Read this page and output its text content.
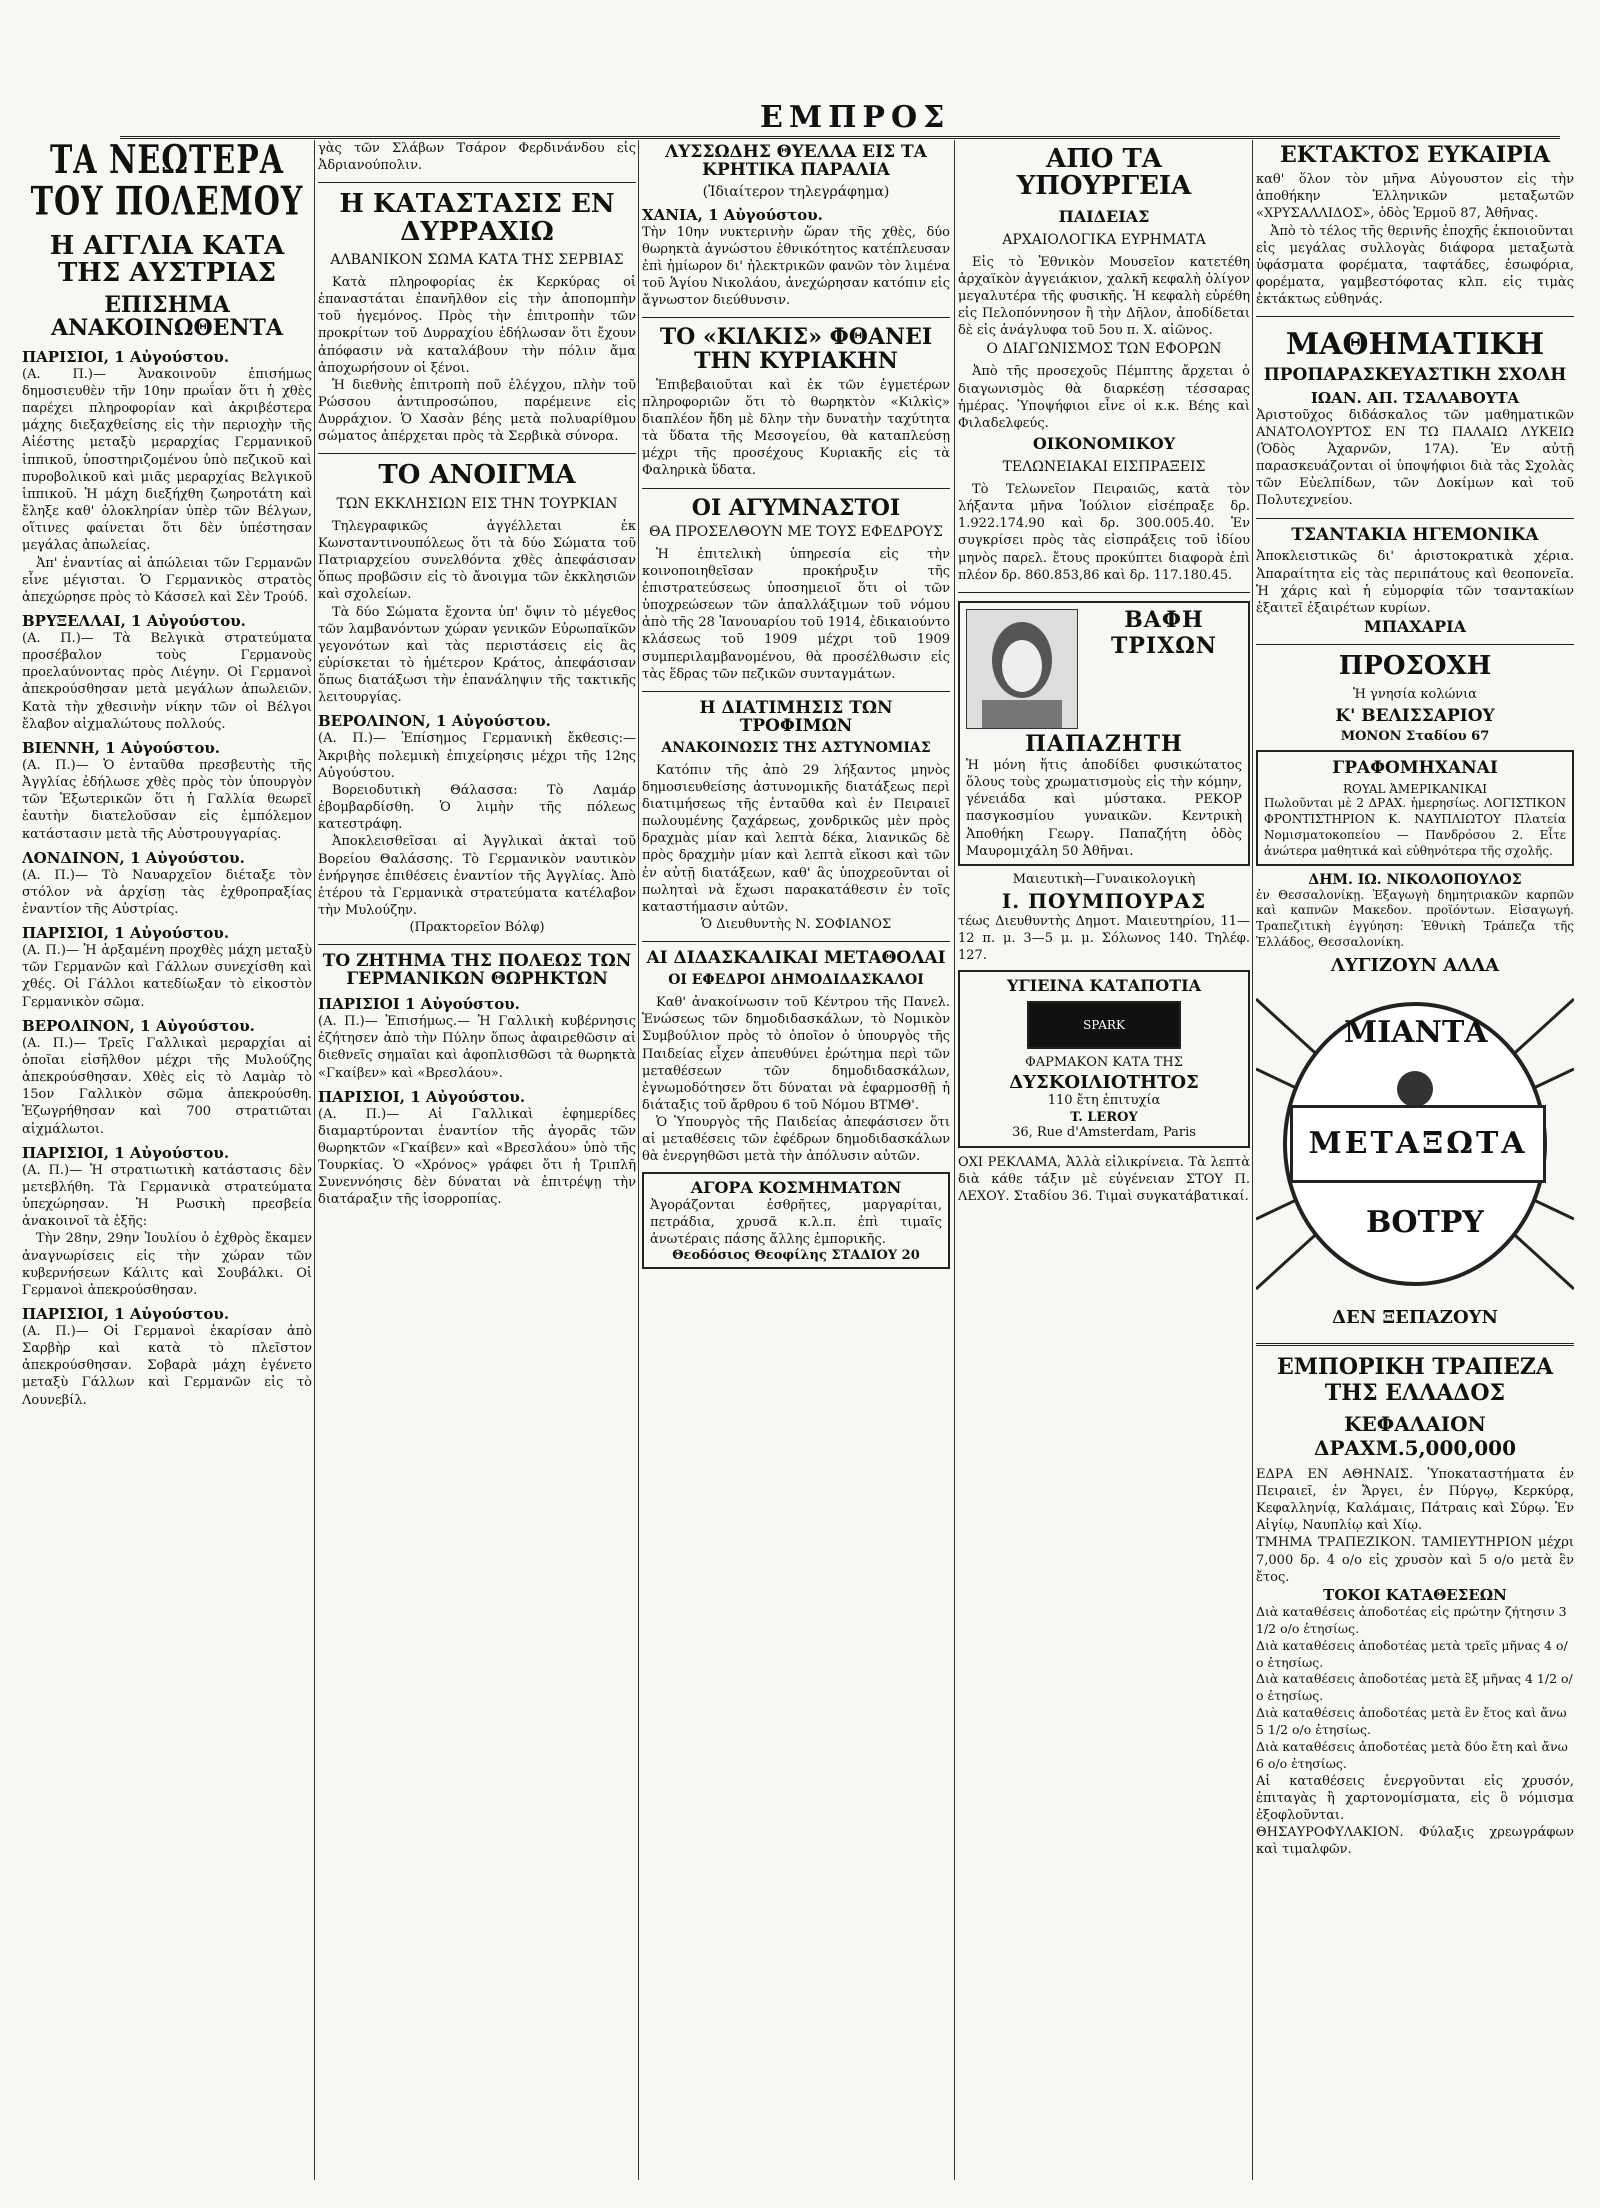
ΕΜΠΡΟΣ
ΤΑ ΝΕΩΤΕΡΑ ΤΟΥ ΠΟΛΕΜΟΥ
Η ΑΓΓΛΙΑ ΚΑΤΑ ΤΗΣ ΑΥΣΤΡΙΑΣ
ΕΠΙΣΗΜΑ ΑΝΑΚΟΙΝΩΘΕΝΤΑ
ΠΑΡΙΣΙΟΙ, 1 Αὐγούστου.

(Α. Π.)— Ἀνακοινοῦν ἐπισήμως δημοσιευθὲν τῆν 10ην πρωΐαν ὅτι ἡ χθὲς παρέχει πληροφορίαν καὶ ἀκριβέστερα μάχης διεξαχθείσης εἰς τὴν περιοχὴν τῆς Αἰέστης μεταξὺ μεραρχίας Γερμανικοῦ ἱππικοῦ, ὑποστηριζομένου ὑπὸ πεζικοῦ καὶ πυροβολικοῦ καὶ μιᾶς μεραρχίας Βελγικοῦ ἱππικοῦ. Ἡ μάχη διεξήχθη ζωηροτάτη καὶ ἔληξε καθ' ὁλοκληρίαν ὑπὲρ τῶν Βέλγων, οἵτινες φαίνεται ὅτι δὲν ὑπέστησαν μεγάλας ἀπωλείας.

Ἀπ' ἐναντίας αἱ ἀπώλειαι τῶν Γερμανῶν εἶνε μέγισται. Ὁ Γερμανικὸς στρατὸς ἀπεχώρησε πρὸς τὸ Κάσσελ καὶ Σὲν Τρούδ.

ΒΡΥΞΕΛΛΑΙ, 1 Αὐγούστου.

(Α. Π.)— Τὰ Βελγικὰ στρατεύματα προσέβαλον τοὺς Γερμανοὺς προελαύνοντας πρὸς Λιέγην. Οἱ Γερμανοὶ ἀπεκρούσθησαν μετὰ μεγάλων ἀπωλειῶν. Κατὰ τὴν χθεσινὴν νίκην τῶν οἱ Βέλγοι ἔλαβον αἰχμαλώτους πολλούς.

ΒΙΕΝΝΗ, 1 Αὐγούστου.

(Α. Π.)— Ὁ ἐνταῦθα πρεσβευτὴς τῆς Ἀγγλίας ἐδήλωσε χθὲς πρὸς τὸν ὑπουργὸν τῶν Ἐξωτερικῶν ὅτι ἡ Γαλλία θεωρεῖ ἑαυτὴν διατελοῦσαν εἰς ἐμπόλεμον κατάστασιν μετὰ τῆς Αὐστρουγγαρίας.

ΛΟΝΔΙΝΟΝ, 1 Αὐγούστου.

(Α. Π.)— Τὸ Ναυαρχεῖον διέταξε τὸν στόλον νὰ ἀρχίσῃ τὰς ἐχθροπραξίας ἐναντίον τῆς Αὐστρίας.

ΠΑΡΙΣΙΟΙ, 1 Αὐγούστου.

(Α. Π.)— Ἡ ἀρξαμένη προχθὲς μάχη μεταξὺ τῶν Γερμανῶν καὶ Γάλλων συνεχίσθη καὶ χθές. Οἱ Γάλλοι κατεδίωξαν τὸ εἰκοστὸν Γερμανικὸν σῶμα.

ΒΕΡΟΛΙΝΟΝ, 1 Αὐγούστου.

(Α. Π.)— Τρεῖς Γαλλικαὶ μεραρχίαι αἱ ὁποῖαι εἰσῆλθον μέχρι τῆς Μυλούζης ἀπεκρούσθησαν. Χθὲς εἰς τὸ Λαμὰρ τὸ 15ον Γαλλικὸν σῶμα ἀπεκρούσθη. Ἐζωγρήθησαν καὶ 700 στρατιῶται αἰχμάλωτοι.

ΠΑΡΙΣΙΟΙ, 1 Αὐγούστου.

(Α. Π.)— Ἡ στρατιωτικὴ κατάστασις δὲν μετεβλήθη. Τὰ Γερμανικὰ στρατεύματα ὑπεχώρησαν. Ἡ Ρωσικὴ πρεσβεία ἀνακοινοῖ τὰ ἑξῆς:

Τὴν 28ην, 29ην Ἰουλίου ὁ ἐχθρὸς ἔκαμεν ἀναγνωρίσεις εἰς τὴν χώραν τῶν κυβερνήσεων Κάλιτς καὶ Σουβάλκι. Οἱ Γερμανοὶ ἀπεκρούσθησαν.

ΠΑΡΙΣΙΟΙ, 1 Αὐγούστου.

(Α. Π.)— Οἱ Γερμανοὶ ἐκαρίσαν ἀπὸ Σαρβὴρ καὶ κατὰ τὸ πλεῖστον ἀπεκρούσθησαν. Σοβαρὰ μάχη ἐγένετο μεταξὺ Γάλλων καὶ Γερμανῶν εἰς τὸ Λουνεβίλ.

γὰς τῶν Σλάβων Τσάρον Φερδινάνδου εἰς Ἀδριανούπολιν.

Η ΚΑΤΑΣΤΑΣΙΣ ΕΝ ΔΥΡΡΑΧΙΩ
ΑΛΒΑΝΙΚΟΝ ΣΩΜΑ ΚΑΤΑ ΤΗΣ ΣΕΡΒΙΑΣ

Κατὰ πληροφορίας ἐκ Κερκύρας οἱ ἐπαναστάται ἐπανῆλθον εἰς τὴν ἀποπομπὴν τοῦ ἡγεμόνος. Πρὸς τὴν ἐπιτροπὴν τῶν προκρίτων τοῦ Δυρραχίου ἐδήλωσαν ὅτι ἔχουν ἀπόφασιν νὰ καταλάβουν τὴν πόλιν ἄμα ἀποχωρήσουν οἱ ξένοι.

Ἡ διεθνὴς ἐπιτροπὴ ποῦ ἐλέγχου, πλὴν τοῦ Ρώσσου ἀντιπροσώπου, παρέμεινε εἰς Δυρράχιον. Ὁ Χασὰν βέης μετὰ πολυαρίθμου σώματος ἀπέρχεται πρὸς τὰ Σερβικὰ σύνορα.

ΤΟ ΑΝΟΙΓΜΑ
ΤΩΝ ΕΚΚΛΗΣΙΩΝ ΕΙΣ ΤΗΝ ΤΟΥΡΚΙΑΝ

Τηλεγραφικῶς ἀγγέλλεται ἐκ Κωνσταντινουπόλεως ὅτι τὰ δύο Σώματα τοῦ Πατριαρχείου συνελθόντα χθὲς ἀπεφάσισαν ὅπως προβῶσιν εἰς τὸ ἄνοιγμα τῶν ἐκκλησιῶν καὶ σχολείων.

Τὰ δύο Σώματα ἔχοντα ὑπ' ὄψιν τὸ μέγεθος τῶν λαμβανόντων χώραν γενικῶν Εὐρωπαϊκῶν γεγονότων καὶ τὰς περιστάσεις εἰς ἃς εὑρίσκεται τὸ ἡμέτερον Κράτος, ἀπεφάσισαν ὅπως διατάξωσι τὴν ἐπανάληψιν τῆς τακτικῆς λειτουργίας.

ΒΕΡΟΛΙΝΟΝ, 1 Αὐγούστου.

(Α. Π.)— Ἐπίσημος Γερμανικὴ ἔκθεσις:— Ἀκριβὴς πολεμικὴ ἐπιχείρησις μέχρι τῆς 12ης Αὐγούστου.

Βορειοδυτικὴ Θάλασσα: Τὸ Λαμάρ ἐβομβαρδίσθη. Ὁ λιμὴν τῆς πόλεως κατεστράφη.

Ἀποκλεισθεῖσαι αἱ Ἀγγλικαὶ ἀκταὶ τοῦ Βορείου Θαλάσσης. Τὸ Γερμανικὸν ναυτικὸν ἐνήργησε ἐπιθέσεις ἐναντίον τῆς Ἀγγλίας. Ἀπὸ ἑτέρου τὰ Γερμανικὰ στρατεύματα κατέλαβον τὴν Μυλούζην.

(Πρακτορεῖον Βόλφ)
ΤΟ ΖΗΤΗΜΑ ΤΗΣ ΠΟΛΕΩΣ ΤΩΝ ΓΕΡΜΑΝΙΚΩΝ ΘΩΡΗΚΤΩΝ
ΠΑΡΙΣΙΟΙ 1 Αὐγούστου.

(Α. Π.)— Ἐπισήμως.— Ἡ Γαλλικὴ κυβέρνησις ἐζήτησεν ἀπὸ τὴν Πύλην ὅπως ἀφαιρεθῶσιν αἱ διεθνεῖς σημαῖαι καὶ ἀφοπλισθῶσι τὰ θωρηκτὰ «Γκαίβεν» καὶ «Βρεσλάου».

ΠΑΡΙΣΙΟΙ, 1 Αὐγούστου.

(Α. Π.)— Αἱ Γαλλικαὶ ἐφημερίδες διαμαρτύρονται ἐναντίον τῆς ἀγορᾶς τῶν θωρηκτῶν «Γκαίβεν» καὶ «Βρεσλάου» ὑπὸ τῆς Τουρκίας. Ὁ «Χρόνος» γράφει ὅτι ἡ Τριπλῆ Συνεννόησις δὲν δύναται νὰ ἐπιτρέψῃ τὴν διατάραξιν τῆς ἰσορροπίας.

ΛΥΣΣΩΔΗΣ ΘΥΕΛΛΑ ΕΙΣ ΤΑ ΚΡΗΤΙΚΑ ΠΑΡΑΛΙΑ
(Ἰδιαίτερον τηλεγράφημα)
ΧΑΝΙΑ, 1 Αὐγούστου.

Τὴν 10ην νυκτερινὴν ὥραν τῆς χθὲς, δύο θωρηκτὰ ἀγνώστου ἐθνικότητος κατέπλευσαν ἐπὶ ἡμίωρον δι' ἠλεκτρικῶν φανῶν τὸν λιμένα τοῦ Ἁγίου Νικολάου, ἀνεχώρησαν κατόπιν εἰς ἄγνωστον διεύθυνσιν.

ΤΟ «ΚΙΛΚΙΣ» ΦΘΑΝΕΙ ΤΗΝ ΚΥΡΙΑΚΗΝ

Ἐπιβεβαιοῦται καὶ ἐκ τῶν ἐγμετέρων πληροφοριῶν ὅτι τὸ θωρηκτὸν «Κιλκὶς» διαπλέον ἤδη μὲ δλην τὴν δυνατὴν ταχύτητα τὰ ὕδατα τῆς Μεσογείου, θὰ καταπλεύσῃ μέχρι τῆς προσέχους Κυριακῆς εἰς τὰ Φαληρικὰ ὕδατα.

ΟΙ ΑΓΥΜΝΑΣΤΟΙ
ΘΑ ΠΡΟΣΕΛΘΟΥΝ ΜΕ ΤΟΥΣ ΕΦΕΔΡΟΥΣ

Ἡ ἐπιτελικὴ ὑπηρεσία εἰς τὴν κοινοποιηθεῖσαν προκήρυξιν τῆς ἐπιστρατεύσεως ὑποσημειοῖ ὅτι οἱ τῶν ὑποχρεώσεων τῶν ἀπαλλάξιμων τοῦ νόμου ἀπὸ τῆς 28 Ἰανουαρίου τοῦ 1914, ἐδικαιούντο κλάσεως τοῦ 1909 μέχρι τοῦ 1909 συμπεριλαμβανομένου, θὰ προσέλθωσιν εἰς τὰς ἕδρας τῶν πεζικῶν συνταγμάτων.

Η ΔΙΑΤΙΜΗΣΙΣ ΤΩΝ ΤΡΟΦΙΜΩΝ
ΑΝΑΚΟΙΝΩΣΙΣ ΤΗΣ ΑΣΤΥΝΟΜΙΑΣ

Κατόπιν τῆς ἀπὸ 29 λήξαντος μηνὸς δημοσιευθείσης ἀστυνομικῆς διατάξεως περὶ διατιμήσεως τῆς ἐνταῦθα καὶ ἐν Πειραιεῖ πωλουμένης ζαχάρεως, χονδρικῶς μὲν πρὸς δραχμὰς μίαν καὶ λεπτὰ δέκα, λιανικῶς δὲ πρὸς δραχμὴν μίαν καὶ λεπτὰ εἴκοσι καὶ τῶν ἐν αὐτῇ διατάξεων, καθ' ἃς ὑποχρεοῦνται οἱ πωληταὶ νὰ ἔχωσι παρακατάθεσιν ἐν τοῖς καταστήμασιν αὐτῶν.

Ὁ Διευθυντὴς Ν. ΣΟΦΙΑΝΟΣ

ΑΙ ΔΙΔΑΣΚΑΛΙΚΑΙ ΜΕΤΑΘΟΛΑΙ
ΟΙ ΕΦΕΔΡΟΙ ΔΗΜΟΔΙΔΑΣΚΑΛΟΙ

Καθ' ἀνακοίνωσιν τοῦ Κέντρου τῆς Πανελ. Ἑνώσεως τῶν δημοδιδασκάλων, τὸ Νομικὸν Συμβούλιον πρὸς τὸ ὁποῖον ὁ ὑπουργὸς τῆς Παιδείας εἶχεν ἀπευθύνει ἐρώτημα περὶ τῶν μεταθέσεων τῶν δημοδιδασκάλων, ἐγνωμοδότησεν ὅτι δύναται νὰ ἐφαρμοσθῇ ἡ διάταξις τοῦ ἄρθρου 6 τοῦ Νόμου ΒΤΜΘ'.

Ὁ Ὑπουργὸς τῆς Παιδείας ἀπεφάσισεν ὅτι αἱ μεταθέσεις τῶν ἐφέδρων δημοδιδασκάλων θὰ ἐνεργηθῶσι μετὰ τὴν ἀπόλυσιν αὐτῶν.

ΑΓΟΡΑ ΚΟΣΜΗΜΑΤΩΝ

Ἀγοράζονται ἐσθρῆτες, μαργαρίται, πετράδια, χρυσᾶ κ.λ.π. ἐπὶ τιμαῖς ἀνωτέραις πάσης ἄλλης ἐμπορικῆς.

Θεοδόσιος Θεοφίλης ΣΤΑΔΙΟΥ 20
ΑΠΟ ΤΑ ΥΠΟΥΡΓΕΙΑ
ΠΑΙΔΕΙΑΣ
ΑΡΧΑΙΟΛΟΓΙΚΑ ΕΥΡΗΜΑΤΑ

Εἰς τὸ Ἐθνικὸν Μουσεῖον κατετέθη ἀρχαϊκὸν ἀγγειάκιον, χαλκῆ κεφαλὴ ὀλίγον μεγαλυτέρα τῆς φυσικῆς. Ἡ κεφαλὴ εὑρέθη εἰς Πελοπόννησον ἢ τὴν Δῆλον, ἀποδίδεται δὲ εἰς ἀνάγλυφα τοῦ 5ου π. Χ. αἰῶνος.

Ο ΔΙΑΓΩΝΙΣΜΟΣ ΤΩΝ ΕΦΟΡΩΝ

Ἀπὸ τῆς προσεχοῦς Πέμπτης ἄρχεται ὁ διαγωνισμὸς θὰ διαρκέσῃ τέσσαρας ἡμέρας. Ὑποψήφιοι εἶνε οἱ κ.κ. Βέης καὶ Φιλαδελφεύς.

ΟΙΚΟΝΟΜΙΚΟΥ
ΤΕΛΩΝΕΙΑΚΑΙ ΕΙΣΠΡΑΞΕΙΣ

Τὸ Τελωνεῖον Πειραιῶς, κατὰ τὸν λήξαντα μῆνα Ἰούλιον εἰσέπραξε δρ. 1.922.174.90 καὶ δρ. 300.005.40. Ἐν συγκρίσει πρὸς τὰς εἰσπράξεις τοῦ ἰδίου μηνὸς παρελ. ἔτους προκύπτει διαφορὰ ἐπὶ πλέον δρ. 860.853,86 καὶ δρ. 117.180.45.

ΒΑΦΗ ΤΡΙΧΩΝ ΠΑΠΑΖΗΤΗ

Ἡ μόνη ἥτις ἀποδίδει φυσικώτατος ὅλους τοὺς χρωματισμοὺς εἰς τὴν κόμην, γένειάδα καὶ μύστακα. ΡΕΚΟΡ πασγκοσμίου γυναικῶν. Κεντρικὴ Ἀποθήκη Γεωργ. Παπαζήτη ὁδὸς Μαυρομιχάλη 50 Ἀθῆναι.

Μαιευτικὴ—Γυναικολογικὴ
Ι. ΠΟΥΜΠΟΥΡΑΣ

τέως Διευθυντὴς Δημοτ. Μαιευτηρίου, 11—12 π. μ. 3—5 μ. μ. Σόλωνος 140. Τηλέφ. 127.

ΥΓΙΕΙΝΑ ΚΑΤΑΠΟΤΙΑ
SPARK
ΦΑΡΜΑΚΟΝ ΚΑΤΑ ΤΗΣ
ΔΥΣΚΟΙΛΙΟΤΗΤΟΣ
110 ἔτη ἐπιτυχία
T. LEROY
36, Rue d'Amsterdam, Paris

ΟΧΙ ΡΕΚΛΑΜΑ, Ἀλλὰ εἰλικρίνεια. Τὰ λεπτὰ διὰ κάθε τάξιν μὲ εὐγένειαν ΣΤΟΥ Π. ΛΕΧΟΥ. Σταδίου 36. Τιμαὶ συγκατάβατικαί.

ΕΚΤΑΚΤΟΣ ΕΥΚΑΙΡΙΑ

καθ' ὅλον τὸν μῆνα Αὐγουστον εἰς τὴν ἀποθήκην Ἑλληνικῶν μεταξωτῶν «ΧΡΥΣΑΛΛΙΔΟΣ», ὁδὸς Ἑρμοῦ 87, Ἀθῆνας.

Ἀπὸ τὸ τέλος τῆς θερινῆς ἐποχῆς ἐκποιοῦνται εἰς μεγάλας συλλογὰς διάφορα μεταξωτὰ ὑφάσματα φορέματα, ταφτάδες, ἐσωφόρια, φορέματα, γαμβεστόφοτας κλπ. εἰς τιμὰς ἐκτάκτως εὐθηνάς.

ΜΑΘΗΜΑΤΙΚΗ
ΠΡΟΠΑΡΑΣΚΕΥΑΣΤΙΚΗ ΣΧΟΛΗ
ΙΩΑΝ. ΑΠ. ΤΣΑΛΑΒΟΥΤΑ

Ἀριστοῦχος διδάσκαλος τῶν μαθηματικῶν ΑΝΑΤΟΛΟΥΡΤΟΣ ΕΝ ΤΩ ΠΑΛΑΙΩ ΛΥΚΕΙΩ (Ὁδὸς Ἀχαρνῶν, 17Α). Ἐν αὐτῇ παρασκευάζονται οἱ ὑποψήφιοι διὰ τὰς Σχολὰς τῶν Εὐελπίδων, τῶν Δοκίμων καὶ τοῦ Πολυτεχνείου.

ΤΣΑΝΤΑΚΙΑ ΗΓΕΜΟΝΙΚΑ

Ἀποκλειστικῶς δι' ἀριστοκρατικὰ χέρια. Ἀπαραίτητα εἰς τὰς περιπάτους καὶ θεοπονεῖα. Ἡ χάρις καὶ ἡ εὐμορφία τῶν τσαντακίων ἐξαιτεῖ ἐξαιρέτων κυρίων.

ΜΠΑΧΑΡΙΑ
ΠΡΟΣΟΧΗ
Ἡ γνησία κολώνια
Κ' ΒΕΛΙΣΣΑΡΙΟΥ
ΜΟΝΟΝ Σταδίου 67
ΓΡΑΦΟΜΗΧΑΝΑΙ
ROYAL ἈΜΕΡΙΚΑΝΙΚΑΙ

Πωλοῦνται μὲ 2 ΔΡΑΧ. ἡμερησίως. ΛΟΓΙΣΤΙΚΟΝ ΦΡΟΝΤΙΣΤΗΡΙΟΝ Κ. ΝΑΥΠΛΙΩΤΟΥ Πλατεία Νομισματοκοπείου — Πανδρόσου 2. Εἶτε ἀνώτερα μαθητικά καὶ εὐθηνότερα τῆς σχολῆς.

ΔΗΜ. ΙΩ. ΝΙΚΟΛΟΠΟΥΛΟΣ

ἐν Θεσσαλονίκῃ. Ἐξαγωγὴ δημητριακῶν καρπῶν καὶ καπνῶν Μακεδον. προϊόντων. Εἰσαγωγή. Τραπεζιτικὴ ἐγγύηση: Ἐθνικὴ Τράπεζα τῆς Ἑλλάδος, Θεσσαλονίκη.

ΛΥΓΙΖΟΥΝ ΑΛΛΑ
ΜΙΑΝΤΑ
ΜΕΤΑΞΩΤΑ
ΒΟΤΡΥ
ΔΕΝ ΞΕΠΑΖΟΥΝ
ΕΜΠΟΡΙΚΗ ΤΡΑΠΕΖΑ ΤΗΣ ΕΛΛΑΔΟΣ
ΚΕΦΑΛΑΙΟΝ ΔΡΑΧΜ.5,000,000

ΕΔΡΑ ΕΝ ΑΘΗΝΑΙΣ. Ὑποκαταστήματα ἐν Πειραιεῖ, ἐν Ἄργει, ἐν Πύργῳ, Κερκύρᾳ, Κεφαλληνίᾳ, Καλάμαις, Πάτραις καὶ Σύρῳ. Ἐν Αἰγίῳ, Ναυπλίῳ καὶ Χίῳ.

ΤΜΗΜΑ ΤΡΑΠΕΖΙΚΟΝ. ΤΑΜΙΕΥΤΗΡΙΟΝ μέχρι 7,000 δρ. 4 ο/ο εἰς χρυσὸν καὶ 5 ο/ο μετὰ ἓν ἔτος.

ΤΟΚΟΙ ΚΑΤΑΘΕΣΕΩΝ
Διὰ καταθέσεις ἀποδοτέας εἰς πρώτην ζήτησιν 3 1/2 ο/ο ἐτησίως.
Διὰ καταθέσεις ἀποδοτέας μετὰ τρεῖς μῆνας 4 ο/ο ἐτησίως.
Διὰ καταθέσεις ἀποδοτέας μετὰ ἓξ μῆνας 4 1/2 ο/ο ἐτησίως.
Διὰ καταθέσεις ἀποδοτέας μετὰ ἓν ἔτος καὶ ἄνω 5 1/2 ο/ο ἐτησίως.
Διὰ καταθέσεις ἀποδοτέας μετὰ δύο ἔτη καὶ ἄνω 6 ο/ο ἐτησίως.

Αἱ καταθέσεις ἐνεργοῦνται εἰς χρυσόν, ἐπιταγὰς ἢ χαρτονομίσματα, εἰς ὃ νόμισμα ἐξοφλοῦνται.

ΘΗΣΑΥΡΟΦΥΛΑΚΙΟΝ. Φύλαξις χρεωγράφων καὶ τιμαλφῶν.
